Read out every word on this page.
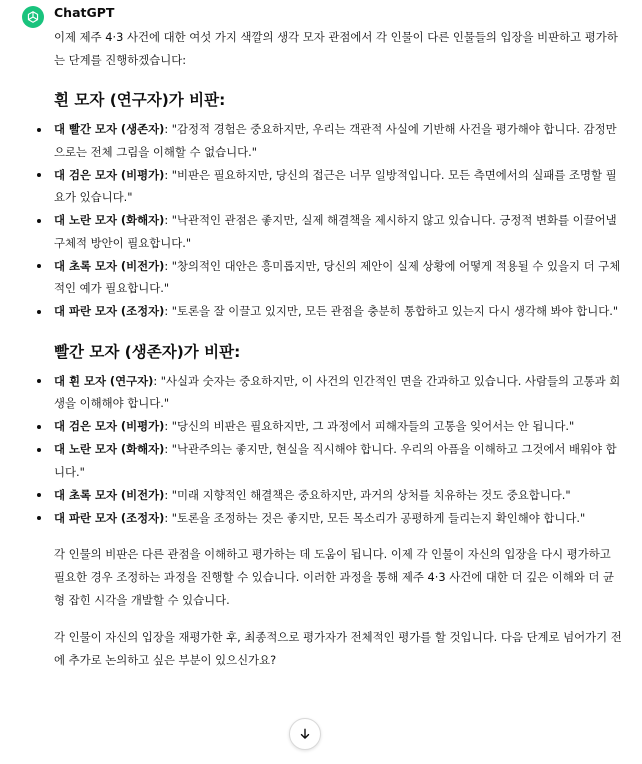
ChatGPT

이제 제주 4·3 사건에 대한 여섯 가지 색깔의 생각 모자 관점에서 각 인물이 다른 인물들의 입장을 비판하고 평가하는 단계를 진행하겠습니다:

흰 모자 (연구자)가 비판:
대 빨간 모자 (생존자): "감정적 경험은 중요하지만, 우리는 객관적 사실에 기반해 사건을 평가해야 합니다. 감정만으로는 전체 그림을 이해할 수 없습니다."
대 검은 모자 (비평가): "비판은 필요하지만, 당신의 접근은 너무 일방적입니다. 모든 측면에서의 실패를 조명할 필요가 있습니다."
대 노란 모자 (화해자): "낙관적인 관점은 좋지만, 실제 해결책을 제시하지 않고 있습니다. 긍정적 변화를 이끌어낼 구체적 방안이 필요합니다."
대 초록 모자 (비전가): "창의적인 대안은 흥미롭지만, 당신의 제안이 실제 상황에 어떻게 적용될 수 있을지 더 구체적인 예가 필요합니다."
대 파란 모자 (조정자): "토론을 잘 이끌고 있지만, 모든 관점을 충분히 통합하고 있는지 다시 생각해 봐야 합니다."
빨간 모자 (생존자)가 비판:
대 흰 모자 (연구자): "사실과 숫자는 중요하지만, 이 사건의 인간적인 면을 간과하고 있습니다. 사람들의 고통과 희생을 이해해야 합니다."
대 검은 모자 (비평가): "당신의 비판은 필요하지만, 그 과정에서 피해자들의 고통을 잊어서는 안 됩니다."
대 노란 모자 (화해자): "낙관주의는 좋지만, 현실을 직시해야 합니다. 우리의 아픔을 이해하고 그것에서 배워야 합니다."
대 초록 모자 (비전가): "미래 지향적인 해결책은 중요하지만, 과거의 상처를 치유하는 것도 중요합니다."
대 파란 모자 (조정자): "토론을 조정하는 것은 좋지만, 모든 목소리가 공평하게 들리는지 확인해야 합니다."

각 인물의 비판은 다른 관점을 이해하고 평가하는 데 도움이 됩니다. 이제 각 인물이 자신의 입장을 다시 평가하고 필요한 경우 조정하는 과정을 진행할 수 있습니다. 이러한 과정을 통해 제주 4·3 사건에 대한 더 깊은 이해와 더 균형 잡힌 시각을 개발할 수 있습니다.

각 인물이 자신의 입장을 재평가한 후, 최종적으로 평가자가 전체적인 평가를 할 것입니다. 다음 단계로 넘어가기 전에 추가로 논의하고 싶은 부분이 있으신가요?
